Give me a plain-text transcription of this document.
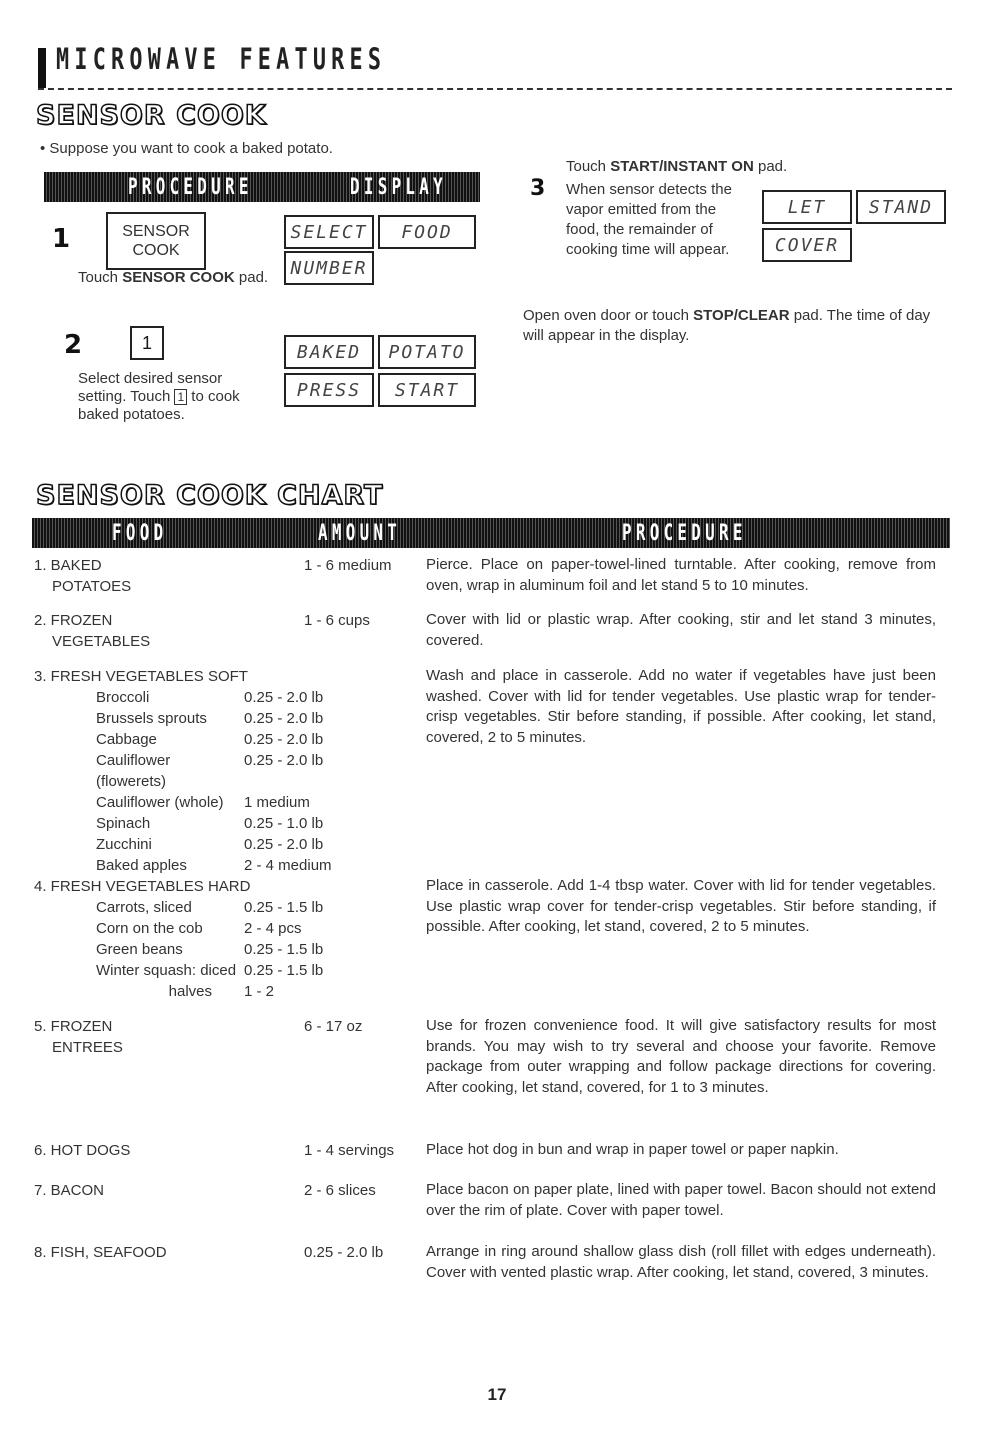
MICROWAVE FEATURES
SENSOR COOK
• Suppose you want to cook a baked potato.
PROCEDURE	DISPLAY
1	SENSOR
COOK
Touch SENSOR COOK pad.
SELECT	FOOD
NUMBER
2	1
Select desired sensor setting. Touch 1 to cook baked potatoes.
BAKED	POTATO
PRESS	START
Touch START/INSTANT ON pad.
3 When sensor detects the vapor emitted from the food, the remainder of cooking time will appear.
LET	STAND
COVER
Open oven door or touch STOP/CLEAR pad. The time of day will appear in the display.
SENSOR COOK CHART
FOOD	AMOUNT	PROCEDURE
1. BAKED
POTATOES
1 - 6 medium	Pierce. Place on paper-towel-lined turntable. After cooking, remove from oven, wrap in aluminum foil and let stand 5 to 10 minutes.
2. FROZEN
VEGETABLES
1 - 6 cups	Cover with lid or plastic wrap. After cooking, stir and let stand 3 minutes, covered.
3. FRESH VEGETABLES SOFT
Broccoli	0.25 - 2.0 lb
Brussels sprouts	0.25 - 2.0 lb
Cabbage	0.25 - 2.0 lb
Cauliflower (flowerets)
0.25 - 2.0 lb
Cauliflower (whole)	1 medium
Spinach	0.25 - 1.0 lb
Zucchini	0.25 - 2.0 lb
Baked apples	2 - 4 medium
Wash and place in casserole. Add no water if vegetables have just been washed. Cover with lid for tender vegetables. Use plastic wrap for tender-crisp vegetables. Stir before standing, if possible. After cooking, let stand, covered, 2 to 5 minutes.
4. FRESH VEGETABLES HARD
Carrots, sliced	0.25 - 1.5 lb
Corn on the cob	2 - 4 pcs
Green beans	0.25 - 1.5 lb
Winter squash: diced 0.25 - 1.5 lb
halves	1 - 2
Place in casserole. Add 1-4 tbsp water. Cover with lid for tender vegetables. Use plastic wrap cover for tender-crisp vegetables. Stir before standing, if possible. After cooking, let stand, covered, 2 to 5 minutes.
5. FROZEN
ENTREES
6 - 17 oz	Use for frozen convenience food. It will give satisfactory results for most brands. You may wish to try several and choose your favorite. Remove package from outer wrapping and follow package directions for covering. After cooking, let stand, covered, for 1 to 3 minutes.
6. HOT DOGS	1 - 4 servings	Place hot dog in bun and wrap in paper towel or paper napkin.
7. BACON	2 - 6 slices	Place bacon on paper plate, lined with paper towel. Bacon should not extend over the rim of plate. Cover with paper towel.
8. FISH, SEAFOOD	0.25 - 2.0 lb	Arrange in ring around shallow glass dish (roll fillet with edges underneath). Cover with vented plastic wrap. After cooking, let stand, covered, 3 minutes.
17
